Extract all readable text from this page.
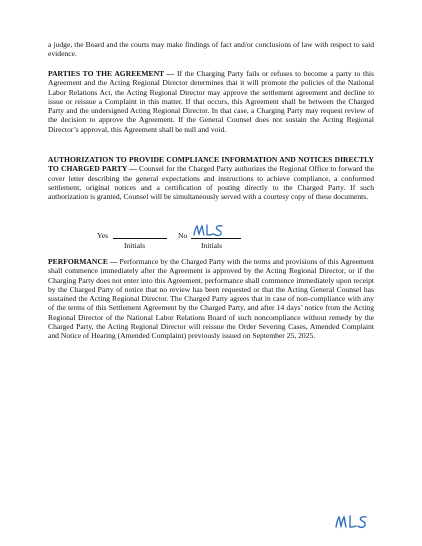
a judge, the Board and the courts may make findings of fact and/or conclusions of law with respect to said evidence.

PARTIES TO THE AGREEMENT — If the Charging Party fails or refuses to become a party to this Agreement and the Acting Regional Director determines that it will promote the policies of the National Labor Relations Act, the Acting Regional Director may approve the settlement agreement and decline to issue or reissue a Complaint in this matter. If that occurs, this Agreement shall be between the Charged Party and the undersigned Acting Regional Director. In that case, a Charging Party may request review of the decision to approve the Agreement. If the General Counsel does not sustain the Acting Regional Director’s approval, this Agreement shall be null and void.

AUTHORIZATION TO PROVIDE COMPLIANCE INFORMATION AND NOTICES DIRECTLY TO CHARGED PARTY — Counsel for the Charged Party authorizes the Regional Office to forward the cover letter describing the general expectations and instructions to achieve compliance, a conformed settlement, original notices and a certification of posting directly to the Charged Party. If such authorization is granted, Counsel will be simultaneously served with a courtesy copy of these documents.

Yes
Initials
No
Initials

PERFORMANCE — Performance by the Charged Party with the terms and provisions of this Agreement shall commence immediately after the Agreement is approved by the Acting Regional Director, or if the Charging Party does not enter into this Agreement, performance shall commence immediately upon receipt by the Charged Party of notice that no review has been requested or that the Acting General Counsel has sustained the Acting Regional Director. The Charged Party agrees that in case of non-compliance with any of the terms of this Settlement Agreement by the Charged Party, and after 14 days’ notice from the Acting Regional Director of the National Labor Relations Board of such noncompliance without remedy by the Charged Party, the Acting Regional Director will reissue the Order Severing Cases, Amended Complaint and Notice of Hearing (Amended Complaint) previously issued on September 25, 2025.
